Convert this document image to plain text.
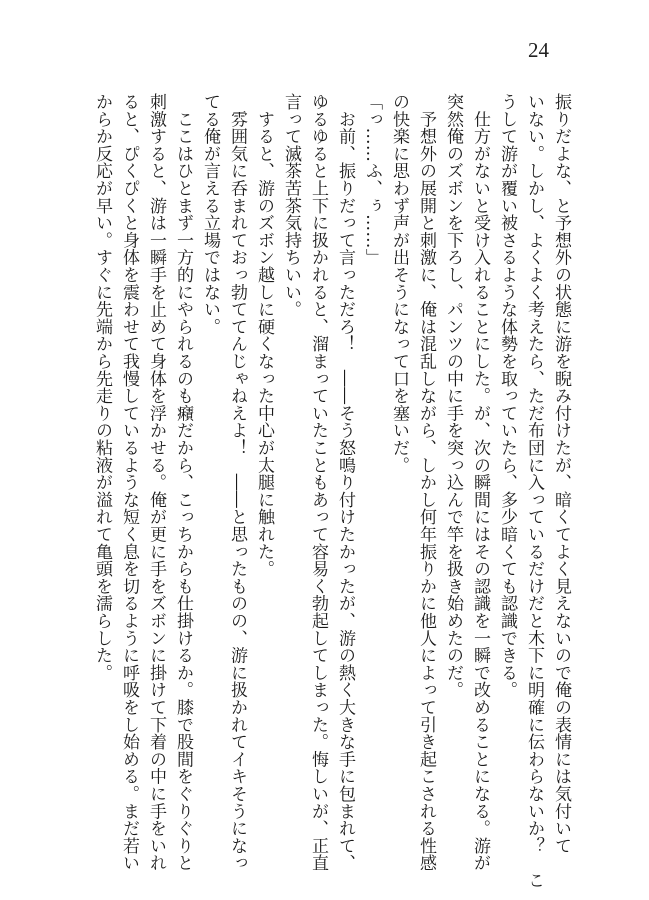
24
振りだよな、と予想外の状態に游を睨み付けたが、暗くてよく見えないので俺の表情には気付いて
いない。しかし、よくよく考えたら、ただ布団に入っているだけだと木下に明確に伝わらないか？　こ
うして游が覆い被さるような体勢を取っていたら、多少暗くても認識できる。
　仕方がないと受け入れることにした。が、次の瞬間にはその認識を一瞬で改めることになる。游が
突然俺のズボンを下ろし、パンツの中に手を突っ込んで竿を扱き始めたのだ。
　予想外の展開と刺激に、俺は混乱しながら、しかし何年振りかに他人によって引き起こされる性感
の快楽に思わず声が出そうになって口を塞いだ。
「っ……ふ、ぅ……」
　お前、振りだって言っただろ！　――そう怒鳴り付けたかったが、游の熱く大きな手に包まれて、
ゆるゆると上下に扱かれると、溜まっていたこともあって容易く勃起してしまった。悔しいが、正直
言って滅茶苦茶気持ちいい。
　すると、游のズボン越しに硬くなった中心が太腿に触れた。
　雰囲気に呑まれておっ勃ててんじゃねえよ！　――と思ったものの、游に扱かれてイキそうになっ
てる俺が言える立場ではない。
　ここはひとまず一方的にやられるのも癪だから、こっちからも仕掛けるか。膝で股間をぐりぐりと
刺激すると、游は一瞬手を止めて身体を浮かせる。俺が更に手をズボンに掛けて下着の中に手をいれ
ると、ぴくぴくと身体を震わせて我慢しているような短く息を切るように呼吸をし始める。まだ若い
からか反応が早い。すぐに先端から先走りの粘液が溢れて亀頭を濡らした。
